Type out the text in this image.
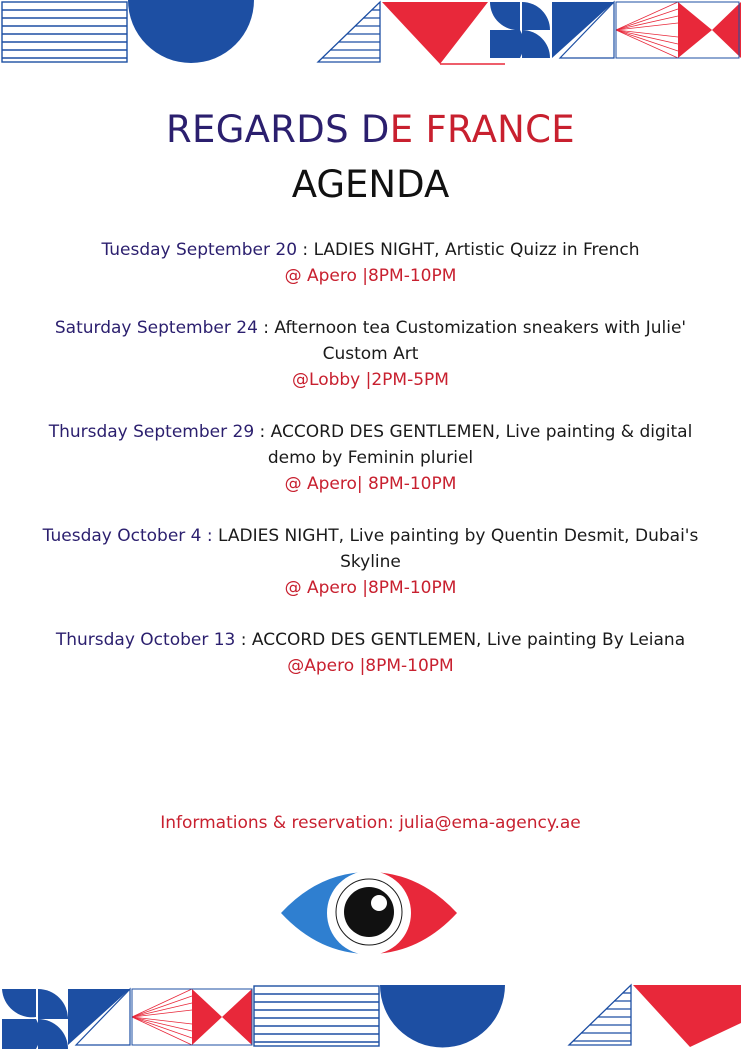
REGARDS DE FRANCE
AGENDA

Tuesday September 20 : LADIES NIGHT, Artistic Quizz in French
@ Apero |8PM-10PM

Saturday September 24 : Afternoon tea Customization sneakers with Julie' Custom Art
@Lobby |2PM-5PM

Thursday September 29 : ACCORD DES GENTLEMEN, Live painting & digital demo by Feminin pluriel
@ Apero| 8PM-10PM

Tuesday October 4 : LADIES NIGHT, Live painting by Quentin Desmit, Dubai's Skyline
@ Apero |8PM-10PM

Thursday October 13 : ACCORD DES GENTLEMEN, Live painting By Leiana
@Apero |8PM-10PM

Informations & reservation: julia@ema-agency.ae
